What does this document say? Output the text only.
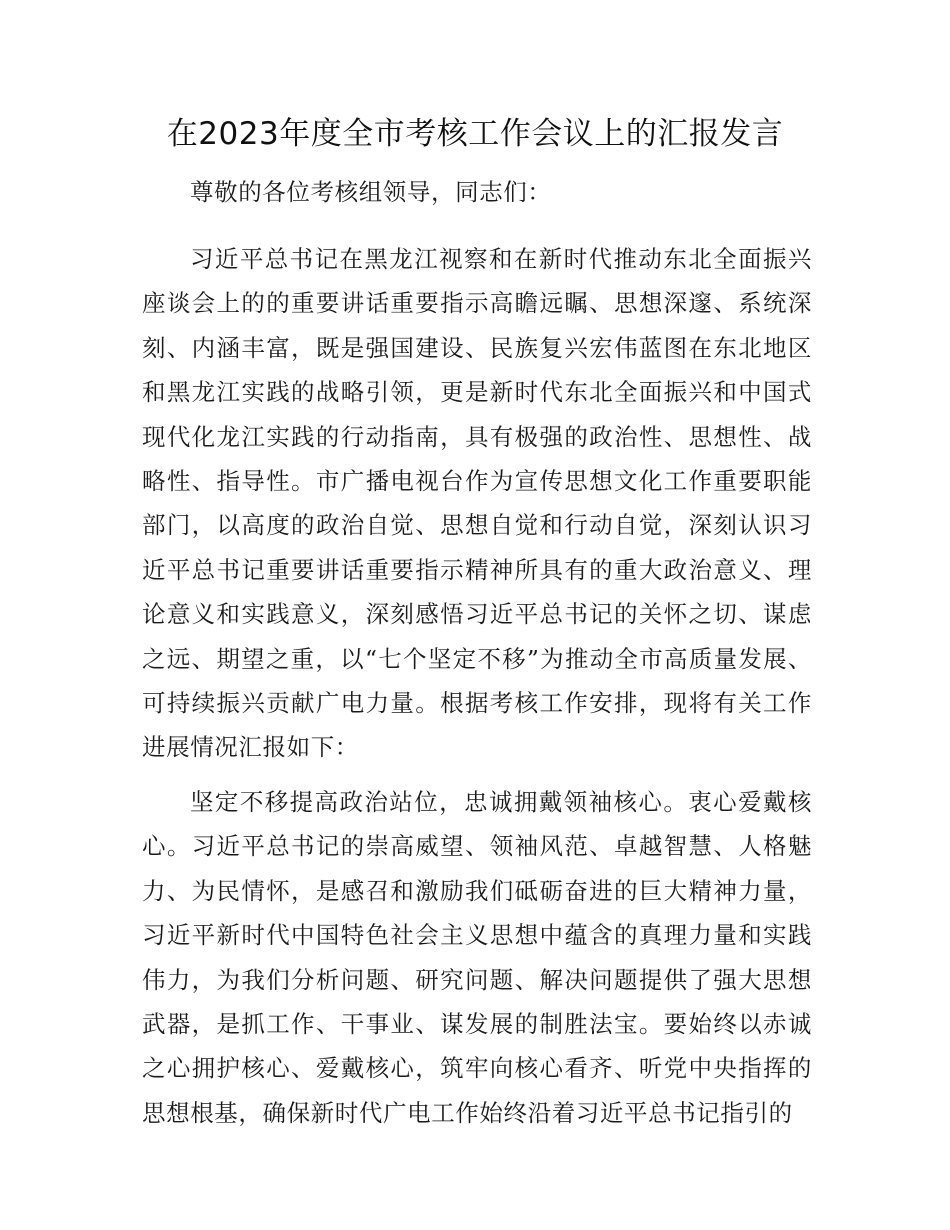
在2023年度全市考核工作会议上的汇报发言

尊敬的各位考核组领导，同志们：

习近平总书记在黑龙江视察和在新时代推动东北全面振兴座谈会上的的重要讲话重要指示高瞻远瞩、思想深邃、系统深刻、内涵丰富，既是强国建设、民族复兴宏伟蓝图在东北地区和黑龙江实践的战略引领，更是新时代东北全面振兴和中国式现代化龙江实践的行动指南，具有极强的政治性、思想性、战略性、指导性。市广播电视台作为宣传思想文化工作重要职能部门，以高度的政治自觉、思想自觉和行动自觉，深刻认识习近平总书记重要讲话重要指示精神所具有的重大政治意义、理论意义和实践意义，深刻感悟习近平总书记的关怀之切、谋虑之远、期望之重，以“七个坚定不移”为推动全市高质量发展、可持续振兴贡献广电力量。根据考核工作安排，现将有关工作进展情况汇报如下：

坚定不移提高政治站位，忠诚拥戴领袖核心。衷心爱戴核心。习近平总书记的崇高威望、领袖风范、卓越智慧、人格魅力、为民情怀，是感召和激励我们砥砺奋进的巨大精神力量，习近平新时代中国特色社会主义思想中蕴含的真理力量和实践伟力，为我们分析问题、研究问题、解决问题提供了强大思想武器，是抓工作、干事业、谋发展的制胜法宝。要始终以赤诚之心拥护核心、爱戴核心，筑牢向核心看齐、听党中央指挥的思想根基，确保新时代广电工作始终沿着习近平总书记指引的
